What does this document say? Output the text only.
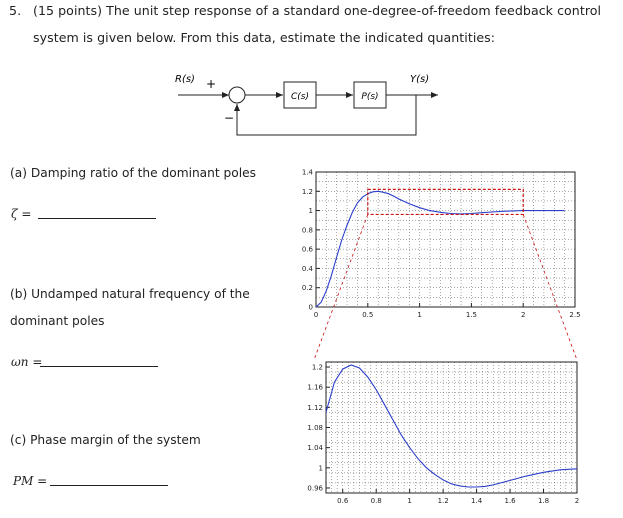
5. (15 points) The unit step response of a standard one-degree-of-freedom feedback control
system is given below. From this data, estimate the indicated quantities:
R(s) +	Y(s)
−
C(s)	P(s)
(a) Damping ratio of the dominant poles
ζ =
(b) Undamped natural frequency of the
dominant poles
ωn =
(c) Phase margin of the system
PM =
0	0.5	1	1.5	2	2.5
0
0.2
0.4
0.6
0.8
1
1.2
1.4
0.6	0.8	1	1.2	1.4	1.6	1.8	2
0.96
1
1.04
1.08
1.12
1.16
1.2
